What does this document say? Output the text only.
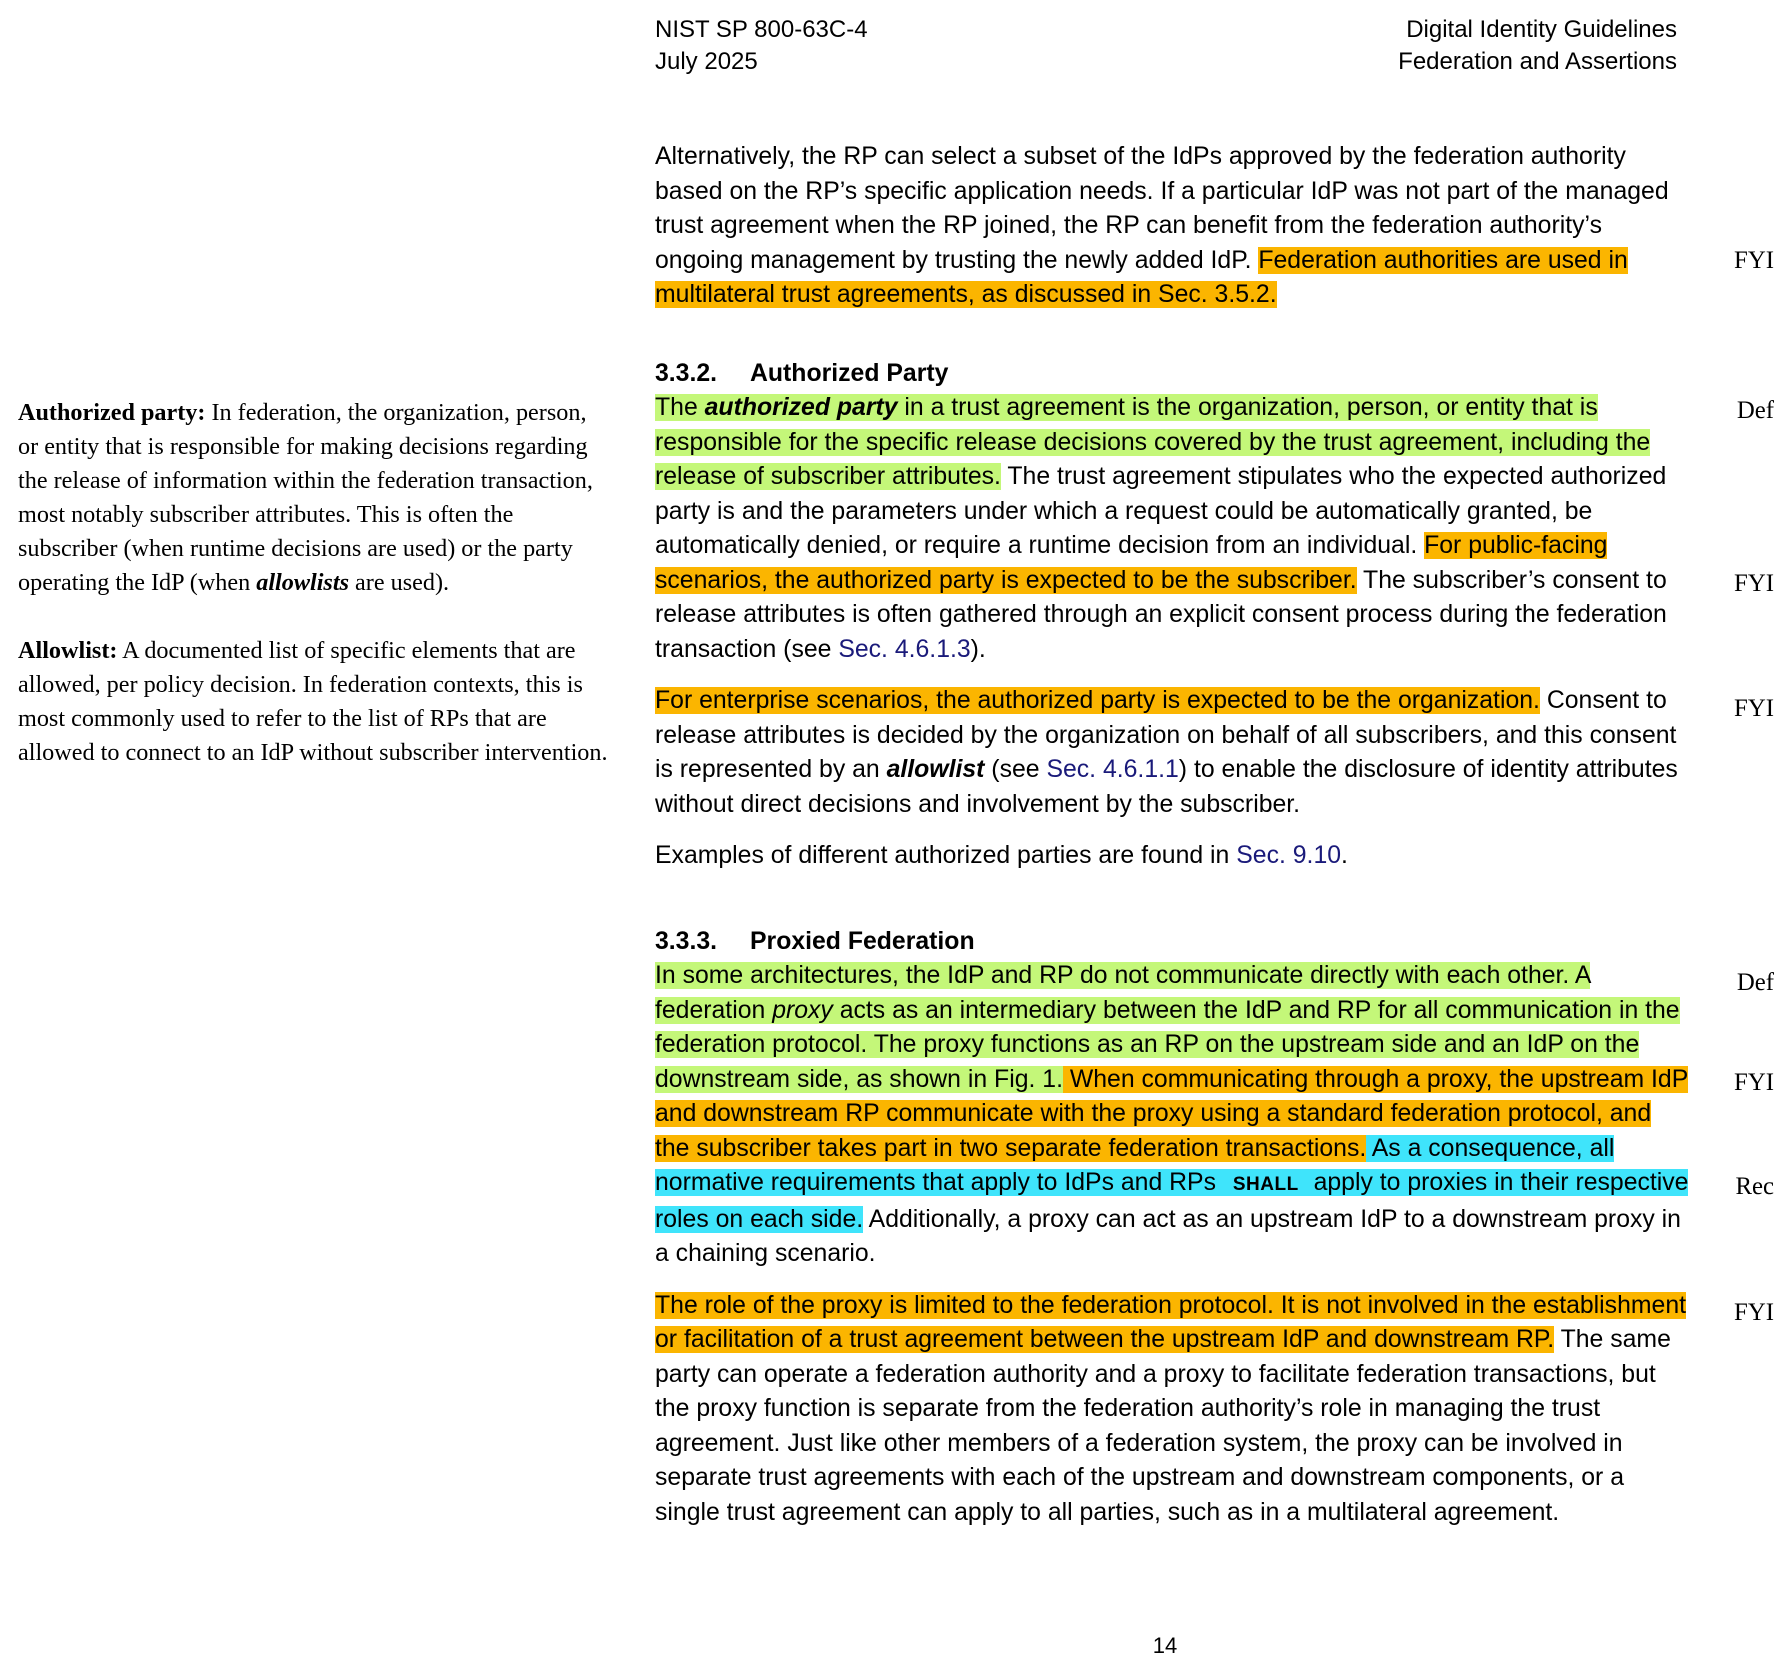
NIST SP 800-63C-4
July 2025
Digital Identity Guidelines
Federation and Assertions

Alternatively, the RP can select a subset of the IdPs approved by the federation authority based on the RP’s specific application needs. If a particular IdP was not part of the managed trust agreement when the RP joined, the RP can benefit from the federation authority’s ongoing management by trusting the newly added IdP. Federation authorities are used in multilateral trust agreements, as discussed in Sec. 3.5.2.

3.3.2. Authorized Party

The authorized party in a trust agreement is the organization, person, or entity that is responsible for the specific release decisions covered by the trust agreement, including the release of subscriber attributes. The trust agreement stipulates who the expected authorized party is and the parameters under which a request could be automatically granted, be automatically denied, or require a runtime decision from an individual. For public-facing scenarios, the authorized party is expected to be the subscriber. The subscriber’s consent to release attributes is often gathered through an explicit consent process during the federation transaction (see Sec. 4.6.1.3).

For enterprise scenarios, the authorized party is expected to be the organization. Consent to release attributes is decided by the organization on behalf of all subscribers, and this consent is represented by an allowlist (see Sec. 4.6.1.1) to enable the disclosure of identity attributes without direct decisions and involvement by the subscriber.

Examples of different authorized parties are found in Sec. 9.10.

3.3.3. Proxied Federation

In some architectures, the IdP and RP do not communicate directly with each other. A federation proxy acts as an intermediary between the IdP and RP for all communication in the federation protocol. The proxy functions as an RP on the upstream side and an IdP on the downstream side, as shown in Fig. 1. When communicating through a proxy, the upstream IdP and downstream RP communicate with the proxy using a standard federation protocol, and the subscriber takes part in two separate federation transactions. As a consequence, all normative requirements that apply to IdPs and RPs SHALL apply to proxies in their respective roles on each side. Additionally, a proxy can act as an upstream IdP to a downstream proxy in a chaining scenario.

The role of the proxy is limited to the federation protocol. It is not involved in the establishment or facilitation of a trust agreement between the upstream IdP and downstream RP. The same party can operate a federation authority and a proxy to facilitate federation transactions, but the proxy function is separate from the federation authority’s role in managing the trust agreement. Just like other members of a federation system, the proxy can be involved in separate trust agreements with each of the upstream and downstream components, or a single trust agreement can apply to all parties, such as in a multilateral agreement.

Authorized party: In federation, the organization, person, or entity that is responsible for making decisions regarding the release of information within the federation transaction, most notably subscriber attributes. This is often the subscriber (when runtime decisions are used) or the party operating the IdP (when allowlists are used).

Allowlist: A documented list of specific elements that are allowed, per policy decision. In federation contexts, this is most commonly used to refer to the list of RPs that are allowed to connect to an IdP without subscriber intervention.

FYI
Def
FYI
FYI
Def
FYI
Rec
FYI
14
